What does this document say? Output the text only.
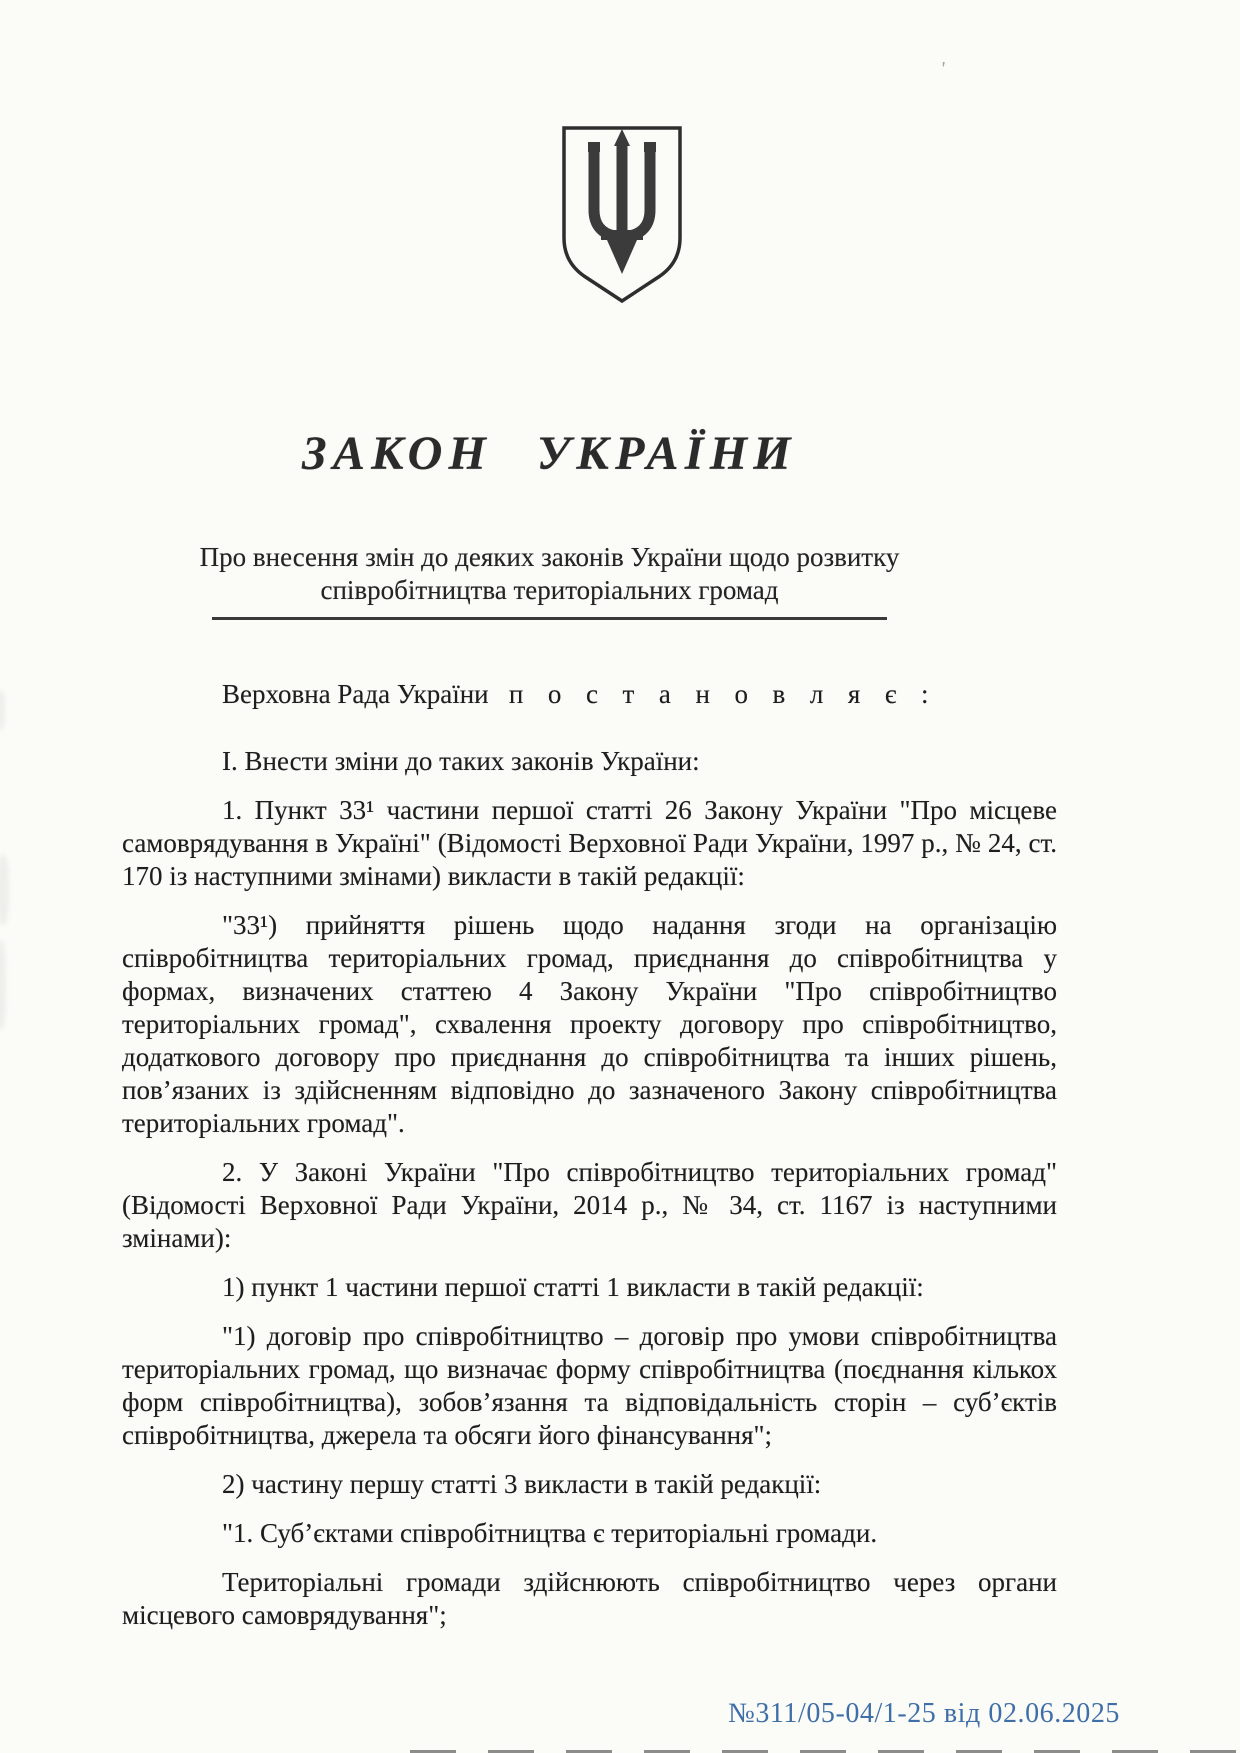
ЗАКОН УКРАЇНИ
Про внесення змін до деяких законів України щодо розвитку
співробітництва територіальних громад

Верховна Рада України п о с т а н о в л я є :

І. Внести зміни до таких законів України:

1. Пункт 33¹ частини першої статті 26 Закону України "Про місцеве самоврядування в Україні" (Відомості Верховної Ради України, 1997 р., № 24, ст. 170 із наступними змінами) викласти в такій редакції:

"33¹) прийняття рішень щодо надання згоди на організацію співробітництва територіальних громад, приєднання до співробітництва у формах, визначених статтею 4 Закону України "Про співробітництво територіальних громад", схвалення проекту договору про співробітництво, додаткового договору про приєднання до співробітництва та інших рішень, пов’язаних із здійсненням відповідно до зазначеного Закону співробітництва територіальних громад".

2. У Законі України "Про співробітництво територіальних громад" (Відомості Верховної Ради України, 2014 р., № 34, ст. 1167 із наступними змінами):

1) пункт 1 частини першої статті 1 викласти в такій редакції:

"1) договір про співробітництво – договір про умови співробітництва територіальних громад, що визначає форму співробітництва (поєднання кількох форм співробітництва), зобов’язання та відповідальність сторін – суб’єктів співробітництва, джерела та обсяги його фінансування";

2) частину першу статті 3 викласти в такій редакції:

"1. Суб’єктами співробітництва є територіальні громади.

Територіальні громади здійснюють співробітництво через органи місцевого самоврядування";

№311/05-04/1-25 від 02.06.2025
'
